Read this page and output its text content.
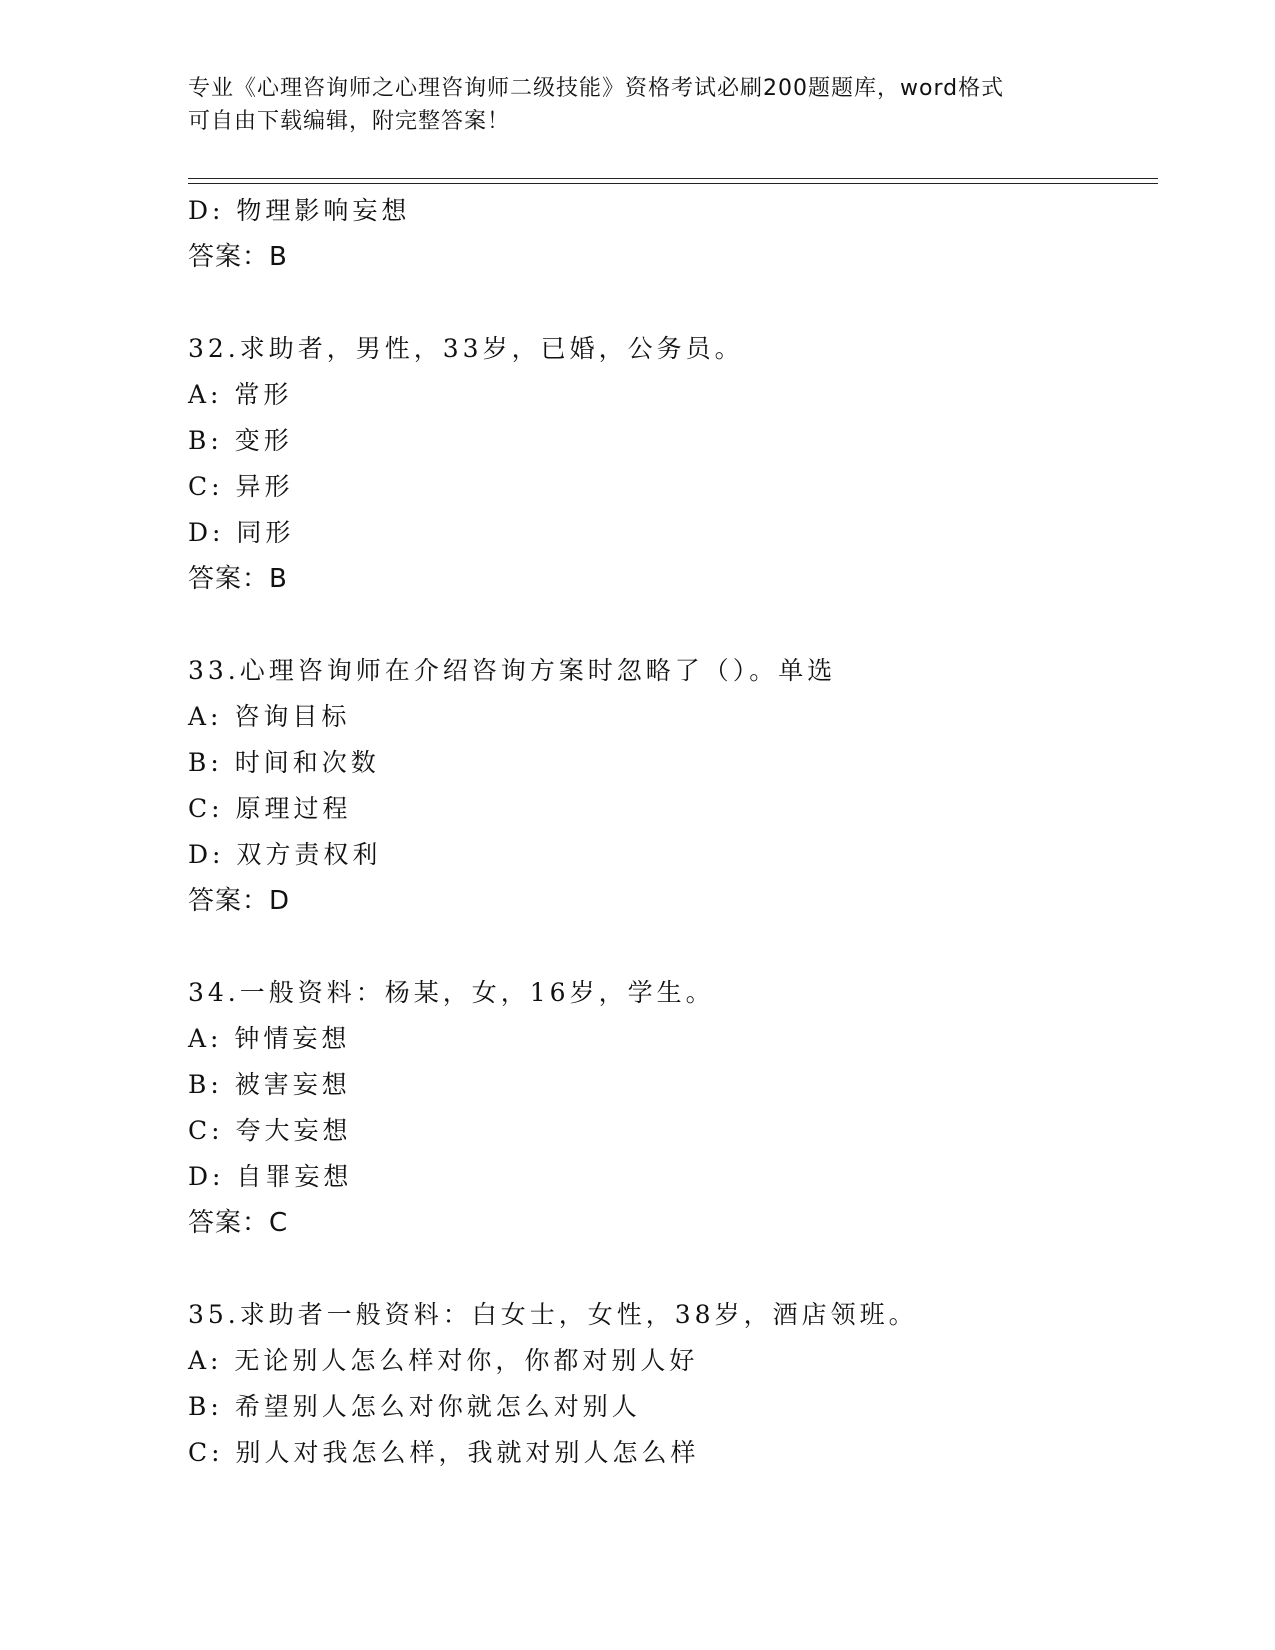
专业《心理咨询师之心理咨询师二级技能》资格考试必刷200题题库，word格式
可自由下载编辑，附完整答案！
D: 物理影响妄想
答案：B
32.求助者，男性，33岁，已婚，公务员。
A: 常形
B: 变形
C: 异形
D: 同形
答案：B
33.心理咨询师在介绍咨询方案时忽略了（）。单选
A: 咨询目标
B: 时间和次数
C: 原理过程
D: 双方责权利
答案：D
34.一般资料：杨某，女，16岁，学生。
A: 钟情妄想
B: 被害妄想
C: 夸大妄想
D: 自罪妄想
答案：C
35.求助者一般资料：白女士，女性，38岁，酒店领班。
A: 无论别人怎么样对你，你都对别人好
B: 希望别人怎么对你就怎么对别人
C: 别人对我怎么样，我就对别人怎么样
